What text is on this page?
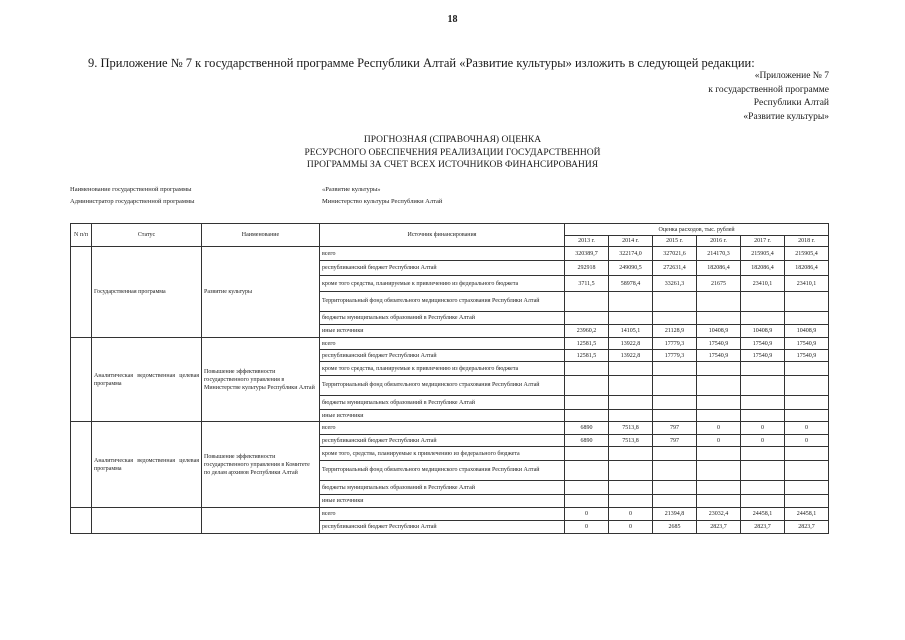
18
9. Приложение № 7 к государственной программе Республики Алтай «Развитие культуры» изложить в следующей редакции:
«Приложение № 7
к государственной программе
Республики Алтай
«Развитие культуры»
ПРОГНОЗНАЯ (СПРАВОЧНАЯ) ОЦЕНКА
РЕСУРСНОГО ОБЕСПЕЧЕНИЯ РЕАЛИЗАЦИИ ГОСУДАРСТВЕННОЙ
ПРОГРАММЫ ЗА СЧЕТ ВСЕХ ИСТОЧНИКОВ ФИНАНСИРОВАНИЯ
Наименование государственной программы	«Развитие культуры»
Администратор государственной программы	Министерство культуры Республики Алтай
N п/п	Статус	Наименование	Источник финансирования	Оценка расходов, тыс. рублей					
				2013 г.	2014 г.	2015 г.	2016 г.	2017 г.	2018 г.
	Государственная программа	Развитие культуры	всего	320389,7	322174,0	327021,6	214170,3	215905,4	215905,4
			республиканский бюджет Республики Алтай	292918	249090,5	272631,4	182086,4	182086,4	182086,4
			кроме того средства, планируемые к привлечению из федерального бюджета	3711,5	58978,4	33261,3	21675	23410,1	23410,1
			Территориальный фонд обязательного медицинского страхования Республики Алтай						
			бюджеты муниципальных образований в Республике Алтай						
			иные источники	23960,2	14105,1	21128,9	10408,9	10408,9	10408,9
	Аналитическая ведомственная целевая программа	Повышение эффективности государственного управления в Министерстве культуры Республики Алтай	всего	12581,5	13922,8	17779,3	17540,9	17540,9	17540,9
			республиканский бюджет Республики Алтай	12581,5	13922,8	17779,3	17540,9	17540,9	17540,9
			кроме того средства, планируемые к привлечению из федерального бюджета						
			Территориальный фонд обязательного медицинского страхования Республики Алтай						
			бюджеты муниципальных образований в Республике Алтай						
			иные источники						
	Аналитическая ведомственная целевая программа	Повышение эффективности государственного управления в Комитете по делам архивов Республики Алтай	всего	6890	7513,8	797	0	0	0
			республиканский бюджет Республики Алтай	6890	7513,8	797	0	0	0
			кроме того, средства, планируемые к привлечению из федерального бюджета						
			Территориальный фонд обязательного медицинского страхования Республики Алтай						
			бюджеты муниципальных образований в Республике Алтай						
			иные источники						
			всего	0	0	21394,8	23032,4	24458,1	24458,1
			республиканский бюджет Республики Алтай	0	0	2685	2823,7	2823,7	2823,7
